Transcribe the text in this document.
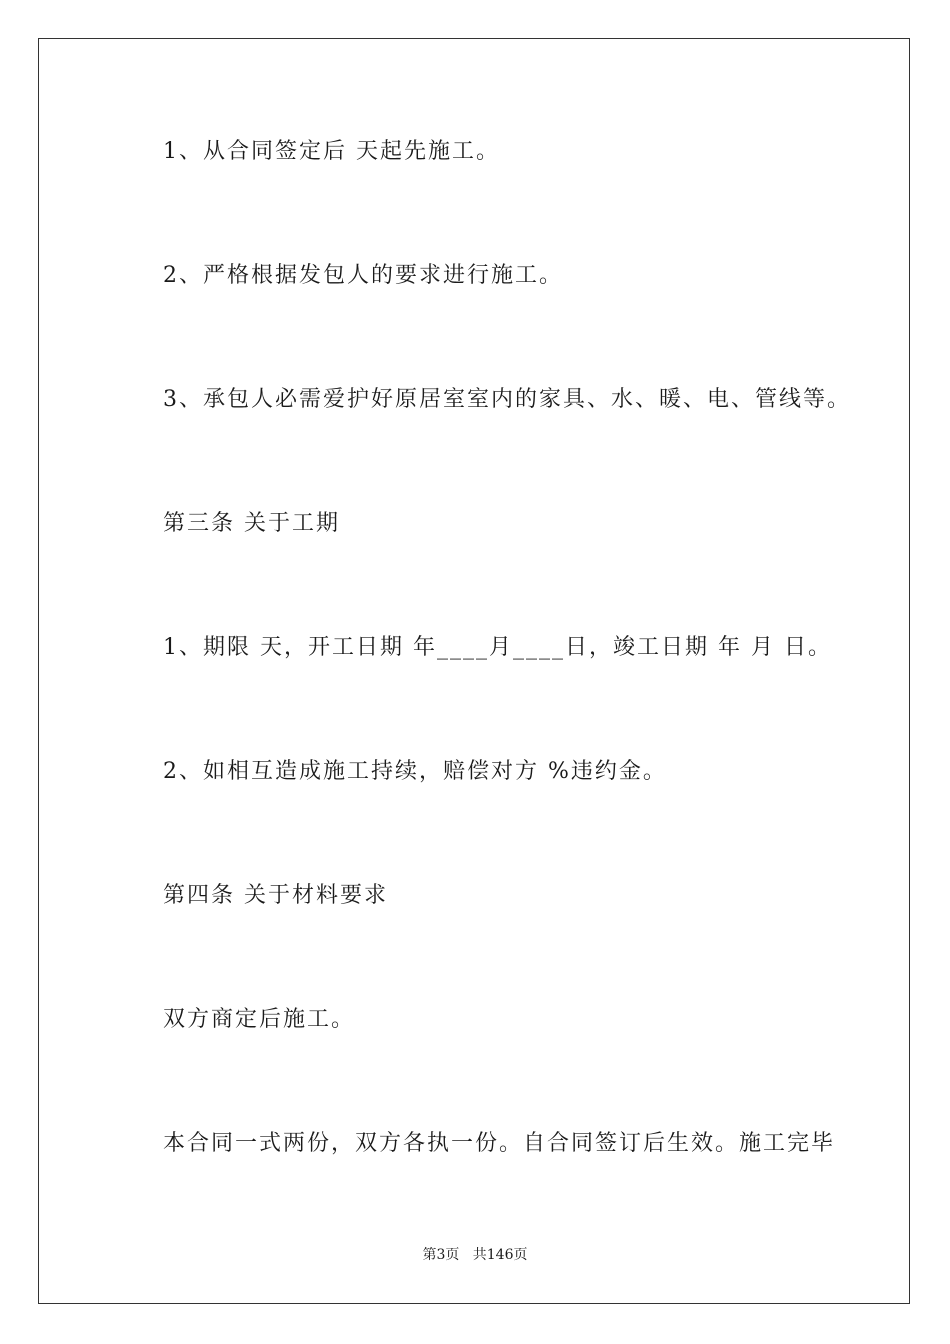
1、从合同签定后 天起先施工。
2、严格根据发包人的要求进行施工。
3、承包人必需爱护好原居室室内的家具、水、暖、电、管线等。
第三条 关于工期
1、期限 天，开工日期 年____月____日，竣工日期 年 月 日。
2、如相互造成施工持续，赔偿对方 %违约金。
第四条 关于材料要求
双方商定后施工。
本合同一式两份，双方各执一份。自合同签订后生效。施工完毕
第3页   共146页
